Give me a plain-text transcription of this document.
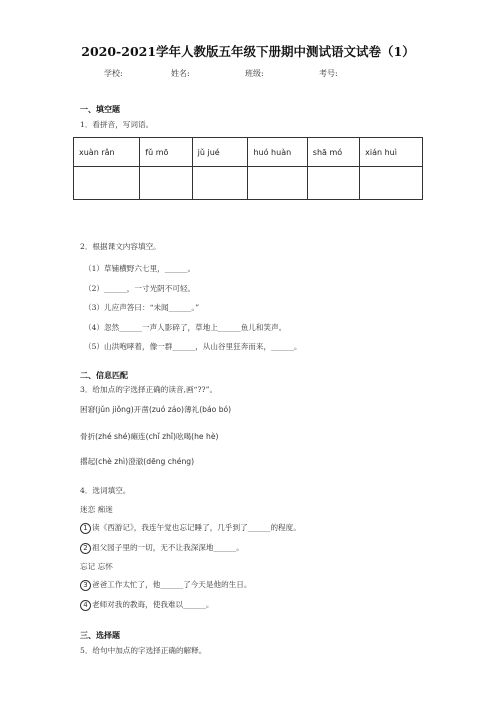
2020-2021学年人教版五年级下册期中测试语文试卷（1）
学校:	姓名:	班级:	考号:
一、填空题
1．看拼音，写词语。
xuàn rǎn	fǔ mō	jǔ jué	huó huàn	shā mó	xián huì

2．根据课文内容填空。
（1）草铺横野六七里，______。
（2）______，一寸光阴不可轻。
（3）儿应声答曰：“未闻______。”
（4）忽然______一声人影碎了，草地上______鱼儿和笑声。
（5）山洪咆哮着，像一群______，从山谷里狂奔而来，______。
二、信息匹配
3．给加点的字选择正确的读音,画“??”。
困窘(jǔn jiǒng)开凿(zuó záo)薄礼(báo bó)
骨折(zhé shé)瘫连(chǐ zhǐ)吆喝(he hè)
撂起(chè zhì)澄澈(dēng chéng)
4．选词填空。
迷恋 痴迷
1 读《西游记》，我连午觉也忘记睡了，几乎到了______的程度。
2 祖父园子里的一切，无不让我深深地______。
忘记 忘怀
3 爸爸工作太忙了，他______了今天是他的生日。
4 老师对我的教诲，使我难以______。
三、选择题
5．给句中加点的字选择正确的解释。
